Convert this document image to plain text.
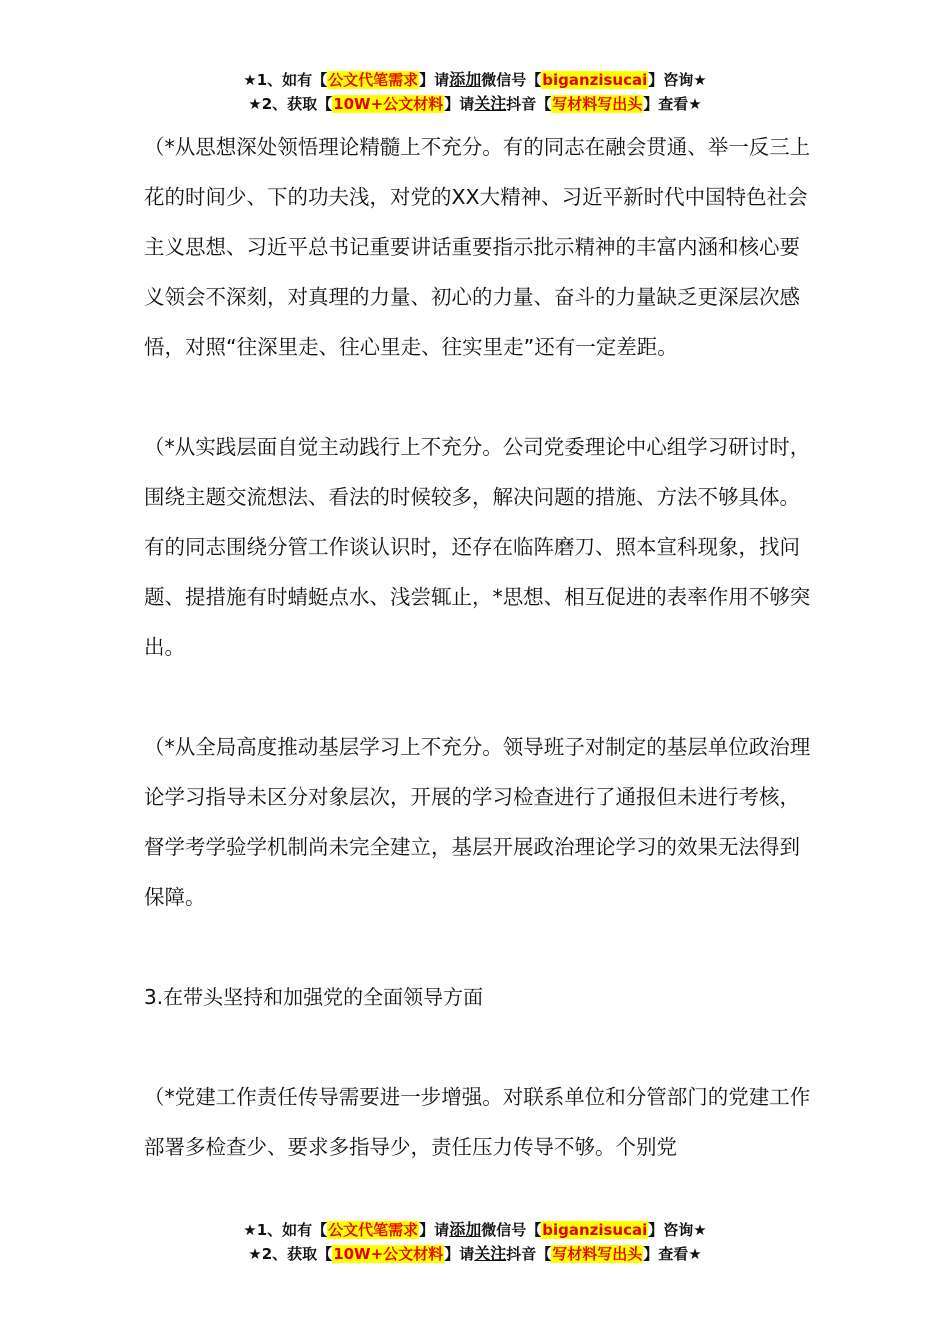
★1、如有【公文代笔需求】请添加微信号【biganzisucai】咨询★
★2、获取【10W+公文材料】请关注抖音【写材料写出头】查看★

（*从思想深处领悟理论精髓上不充分。有的同志在融会贯通、举一反三上花的时间少、下的功夫浅，对党的XX大精神、习近平新时代中国特色社会主义思想、习近平总书记重要讲话重要指示批示精神的丰富内涵和核心要义领会不深刻，对真理的力量、初心的力量、奋斗的力量缺乏更深层次感悟，对照“往深里走、往心里走、往实里走”还有一定差距。

（*从实践层面自觉主动践行上不充分。公司党委理论中心组学习研讨时，围绕主题交流想法、看法的时候较多，解决问题的措施、方法不够具体。有的同志围绕分管工作谈认识时，还存在临阵磨刀、照本宣科现象，找问题、提措施有时蜻蜓点水、浅尝辄止，*思想、相互促进的表率作用不够突出。

（*从全局高度推动基层学习上不充分。领导班子对制定的基层单位政治理论学习指导未区分对象层次，开展的学习检查进行了通报但未进行考核，督学考学验学机制尚未完全建立，基层开展政治理论学习的效果无法得到保障。

3.在带头坚持和加强党的全面领导方面

（*党建工作责任传导需要进一步增强。对联系单位和分管部门的党建工作部署多检查少、要求多指导少，责任压力传导不够。个别党

★1、如有【公文代笔需求】请添加微信号【biganzisucai】咨询★
★2、获取【10W+公文材料】请关注抖音【写材料写出头】查看★
